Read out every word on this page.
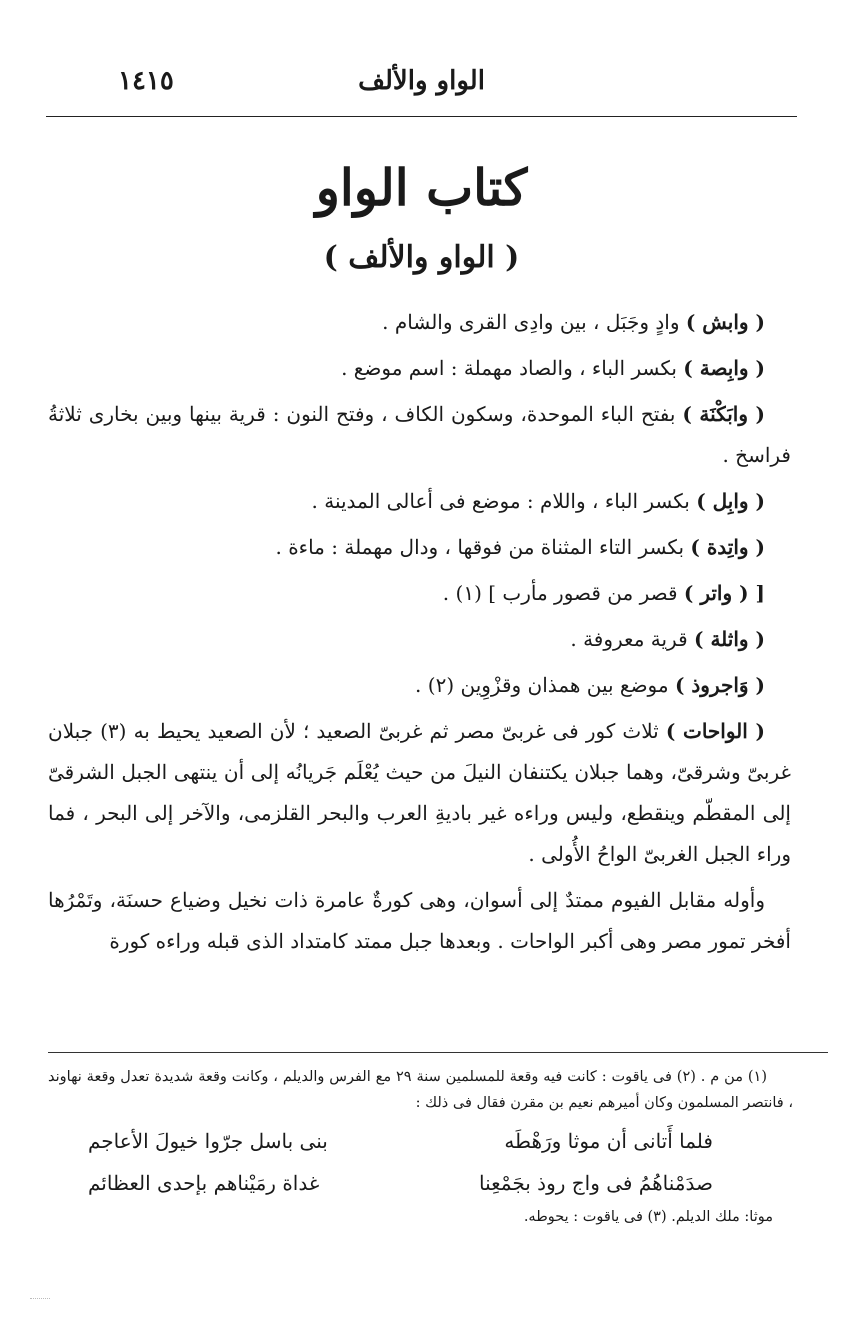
الواو والألف
١٤١٥
كتاب الواو
( الواو والألف )

( وابش ) وادٍ وجَبَل ، بين وادِى القرى والشام .

( وابِصة ) بكسر الباء ، والصاد مهملة : اسم موضع .

( وابَكْنَة ) بفتح الباء الموحدة، وسكون الكاف ، وفتح النون : قرية بينها وبين بخارى ثلاثةُ فراسخ .

( وابِل ) بكسر الباء ، واللام : موضع فى أعالى المدينة .

( واتِدة ) بكسر التاء المثناة من فوقها ، ودال مهملة : ماءة .

[ ( واتر ) قصر من قصور مأرب ] (١) .

( واثلة ) قرية معروفة .

( وَاجروذ ) موضع بين همذان وقزْوِين (٢) .

( الواحات ) ثلاث كور فى غربىّ مصر ثم غربىّ الصعيد ؛ لأن الصعيد يحيط به (٣) جبلان غربىّ وشرقىّ، وهما جبلان يكتنفان النيلَ من حيث يُعْلَم جَريانُه إلى أن ينتهى الجبل الشرقىّ إلى المقطّم وينقطع، وليس وراءه غير باديةِ العرب والبحر القلزمى، والآخر إلى البحر ، فما وراء الجبل الغربىّ الواحُ الأُولى .

وأوله مقابل الفيوم ممتدٌ إلى أسوان، وهى كورةٌ عامرة ذات نخيل وضياع حسنَة، وتَمْرُها أفخر تمور مصر وهى أكبر الواحات . وبعدها جبل ممتد كامتداد الذى قبله وراءه كورة

(١) من م . (٢) فى ياقوت : كانت فيه وقعة للمسلمين سنة ٢٩ مع الفرس والديلم ، وكانت وقعة شديدة تعدل وقعة نهاوند ، فانتصر المسلمون وكان أميرهم نعيم بن مقرن فقال فى ذلك :

فلما أَتانى أن موثا ورَهْطَه
بنى باسل جرّوا خيولَ الأعاجم
صدَمْناهُمُ فى واج روذ بجَمْعِنا
غداة رمَيْناهم بإحدى العظائم

موثا: ملك الديلم. (٣) فى ياقوت : يحوطه.
